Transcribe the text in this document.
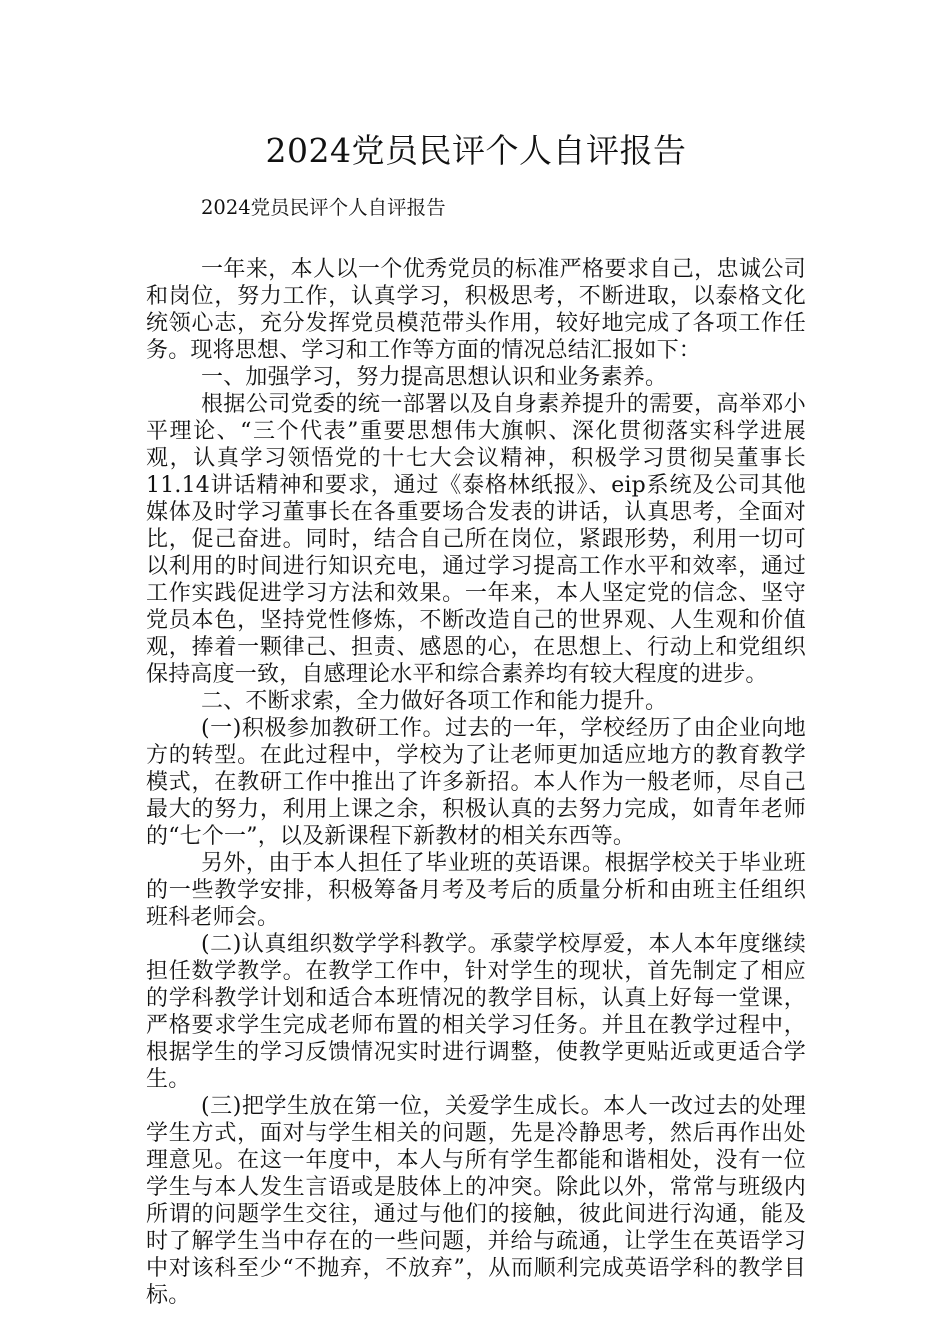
2024党员民评个人自评报告

2024党员民评个人自评报告

一年来，本人以一个优秀党员的标准严格要求自己，忠诚公司和岗位，努力工作，认真学习，积极思考，不断进取，以泰格文化统领心志，充分发挥党员模范带头作用，较好地完成了各项工作任务。现将思想、学习和工作等方面的情况总结汇报如下：

一、加强学习，努力提高思想认识和业务素养。

根据公司党委的统一部署以及自身素养提升的需要，高举邓小平理论、“三个代表”重要思想伟大旗帜、深化贯彻落实科学进展观，认真学习领悟党的十七大会议精神，积极学习贯彻吴董事长11.14讲话精神和要求，通过《泰格林纸报》、eip系统及公司其他媒体及时学习董事长在各重要场合发表的讲话，认真思考，全面对比，促己奋进。同时，结合自己所在岗位，紧跟形势，利用一切可以利用的时间进行知识充电，通过学习提高工作水平和效率，通过工作实践促进学习方法和效果。一年来，本人坚定党的信念、坚守党员本色，坚持党性修炼，不断改造自己的世界观、人生观和价值观，捧着一颗律己、担责、感恩的心，在思想上、行动上和党组织保持高度一致，自感理论水平和综合素养均有较大程度的进步。

二、不断求索，全力做好各项工作和能力提升。

(一)积极参加教研工作。过去的一年，学校经历了由企业向地方的转型。在此过程中，学校为了让老师更加适应地方的教育教学模式，在教研工作中推出了许多新招。本人作为一般老师，尽自己最大的努力，利用上课之余，积极认真的去努力完成，如青年老师的“七个一”，以及新课程下新教材的相关东西等。

另外，由于本人担任了毕业班的英语课。根据学校关于毕业班的一些教学安排，积极筹备月考及考后的质量分析和由班主任组织班科老师会。

(二)认真组织数学学科教学。承蒙学校厚爱，本人本年度继续担任数学教学。在教学工作中，针对学生的现状，首先制定了相应的学科教学计划和适合本班情况的教学目标，认真上好每一堂课，严格要求学生完成老师布置的相关学习任务。并且在教学过程中，根据学生的学习反馈情况实时进行调整，使教学更贴近或更适合学生。

(三)把学生放在第一位，关爱学生成长。本人一改过去的处理学生方式，面对与学生相关的问题，先是冷静思考，然后再作出处理意见。在这一年度中，本人与所有学生都能和谐相处，没有一位学生与本人发生言语或是肢体上的冲突。除此以外，常常与班级内所谓的问题学生交往，通过与他们的接触，彼此间进行沟通，能及时了解学生当中存在的一些问题，并给与疏通，让学生在英语学习中对该科至少“不抛弃，不放弃”，从而顺利完成英语学科的教学目标。
